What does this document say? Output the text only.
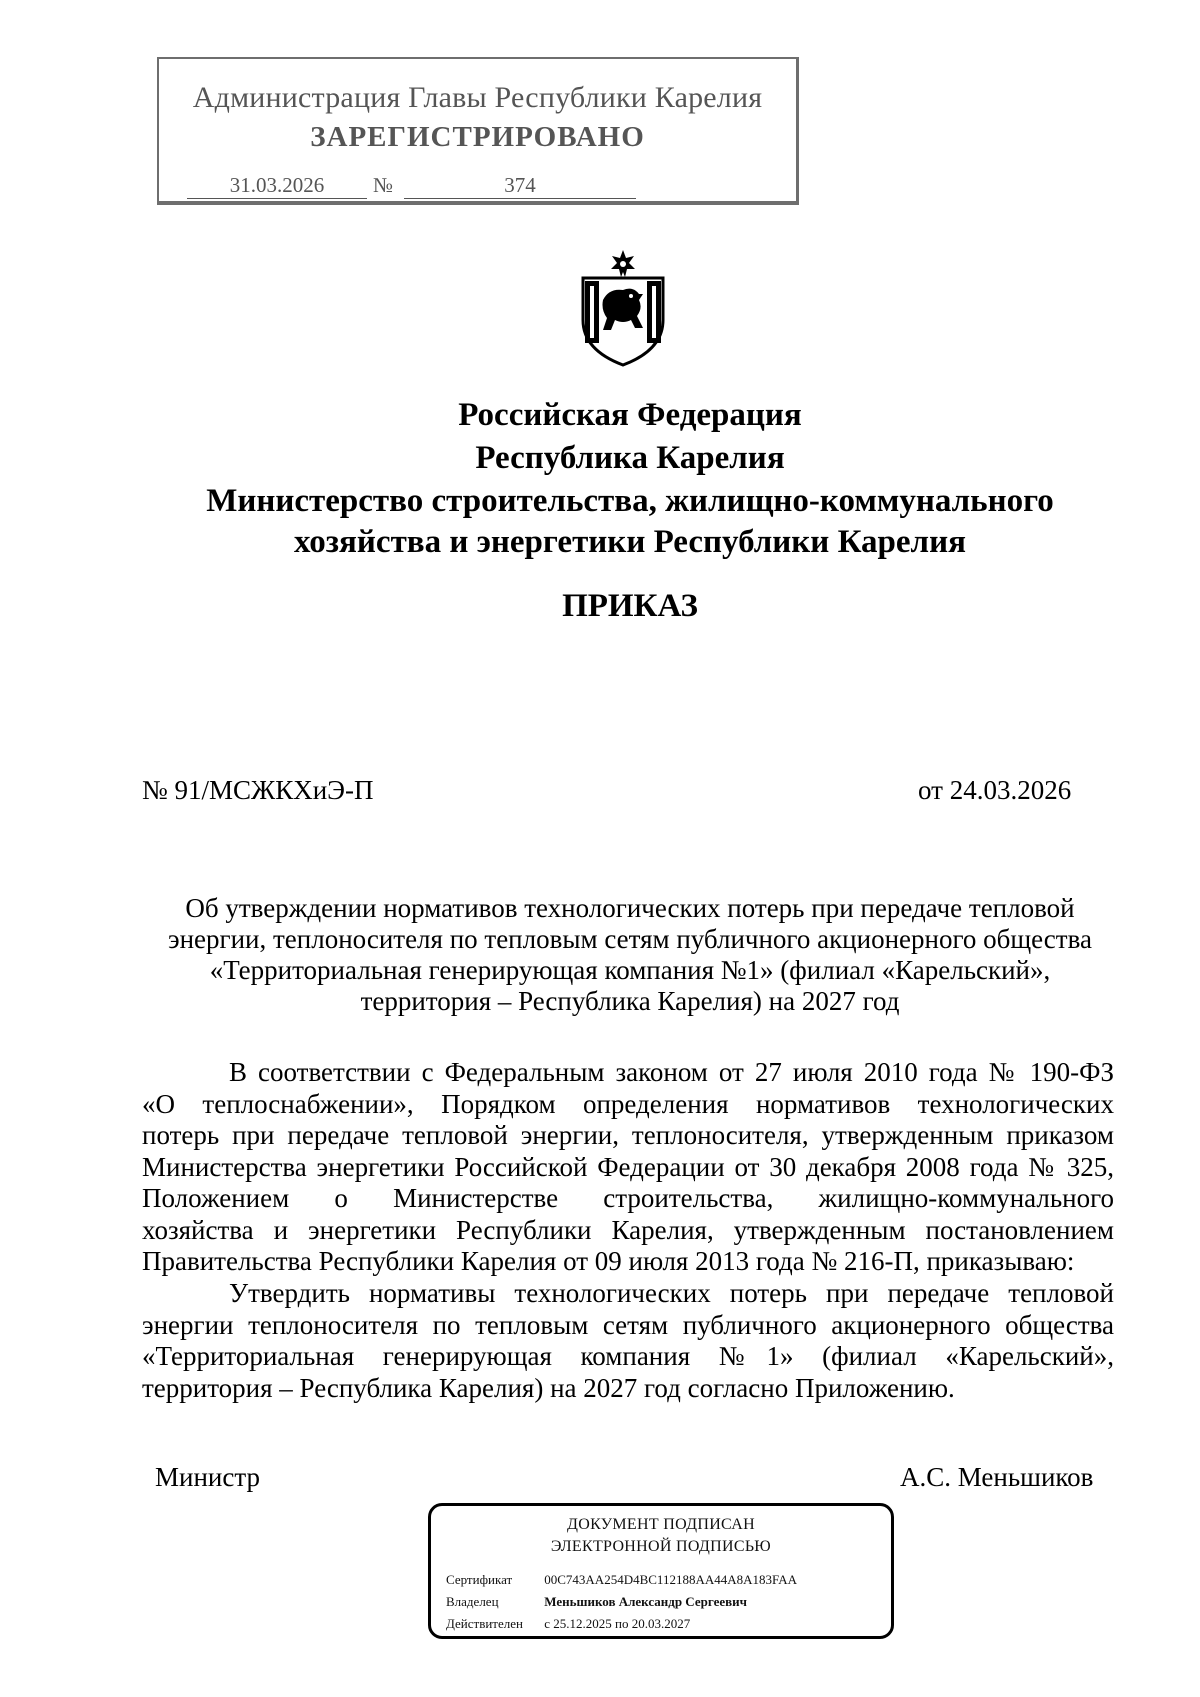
Администрация Главы Республики Карелия
ЗАРЕГИСТРИРОВАНО
31.03.2026	№	374
Российская Федерация
Республика Карелия
Министерство строительства, жилищно-коммунального
хозяйства и энергетики Республики Карелия
ПРИКАЗ
№ 91/МСЖКХиЭ-П	от 24.03.2026
Об утверждении нормативов технологических потерь при передаче тепловой
энергии, теплоносителя по тепловым сетям публичного акционерного общества
«Территориальная генерирующая компания №1» (филиал «Карельский»,
территория – Республика Карелия) на 2027 год
В соответствии с Федеральным законом от 27 июля 2010 года № 190-ФЗ
«О теплоснабжении», Порядком определения нормативов технологических
потерь при передаче тепловой энергии, теплоносителя, утвержденным приказом
Министерства энергетики Российской Федерации от 30 декабря 2008 года № 325,
Положением о Министерстве строительства, жилищно-коммунального
хозяйства и энергетики Республики Карелия, утвержденным постановлением
Правительства Республики Карелия от 09 июля 2013 года № 216-П, приказываю:
Утвердить нормативы технологических потерь при передаче тепловой
энергии теплоносителя по тепловым сетям публичного акционерного общества
«Территориальная генерирующая компания №1» (филиал «Карельский»,
территория – Республика Карелия) на 2027 год согласно Приложению.
Министр	А.С. Меньшиков
ДОКУМЕНТ ПОДПИСАН
ЭЛЕКТРОННОЙ ПОДПИСЬЮ
Сертификат 00C743AA254D4BC112188AA44A8A183FAA
Владелец	Меньшиков Александр Сергеевич
Действителен с 25.12.2025 по 20.03.2027
